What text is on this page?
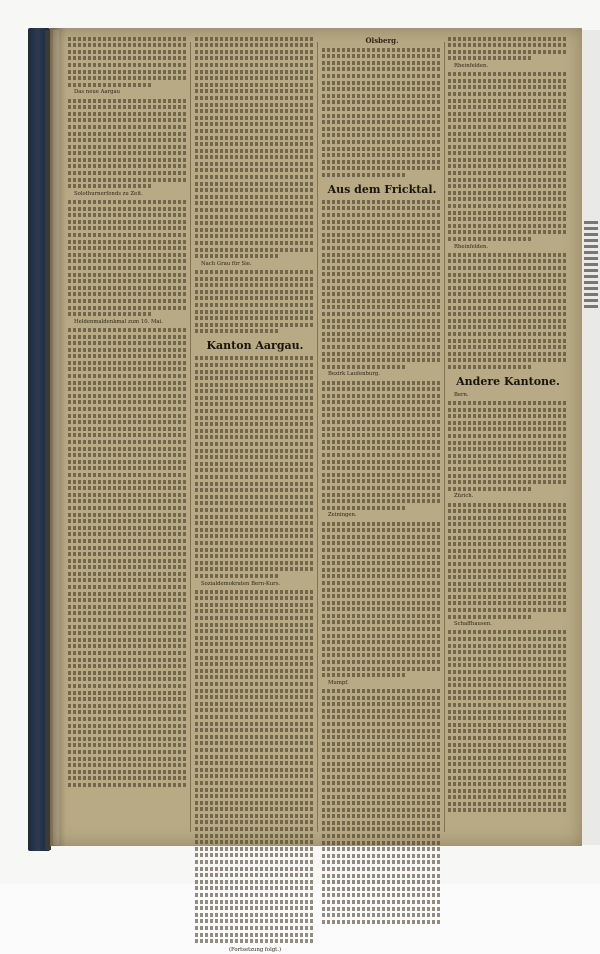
Das neue Aargau

Solothurnerfonds zu Zeit.

Heldenmaldenkmal zum 10. Mai.

Nach Grau für Sie.

Kanton Aargau.

Sozialdemokraten Bern-Kurs.

(Fortsetzung folgt.)
Olsberg.
Aus dem Fricktal.

Bezirk Laufenburg.

Zeiningen.

Mumpf.

Rheinfelden.

Rheinfelden.

Andere Kantone.

Bern.

Zürich.

Schaffhausen.
